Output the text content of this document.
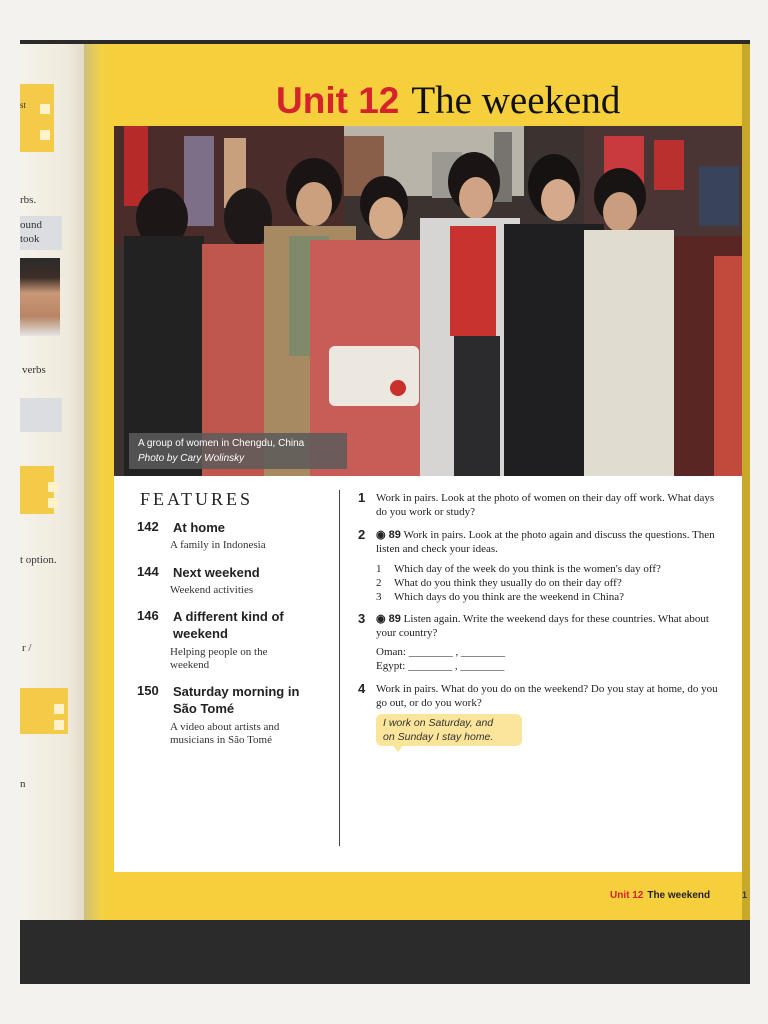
st
rbs.
ound
took
verbs
t option.
r /
n
Unit 12 The weekend
A group of women in Chengdu, China
Photo by Cary Wolinsky
FEATURES
142 At home
A family in Indonesia
144 Next weekend
Weekend activities
146 A different kind of weekend
Helping people on the weekend
150 Saturday morning in São Tomé
A video about artists and musicians in São Tomé
1 Work in pairs. Look at the photo of women on their day off work. What days do you work or study?
2 ◉ 89 Work in pairs. Look at the photo again and discuss the questions. Then listen and check your ideas.
1 Which day of the week do you think is the women's day off?
2 What do you think they usually do on their day off?
3 Which days do you think are the weekend in China?
3 ◉ 89 Listen again. Write the weekend days for these countries. What about your country?
Oman: ________ , ________
Egypt: ________ , ________
4 Work in pairs. What do you do on the weekend? Do you stay at home, do you go out, or do you work?
I work on Saturday, and
on Sunday I stay home.
Unit 12 The weekend	1
